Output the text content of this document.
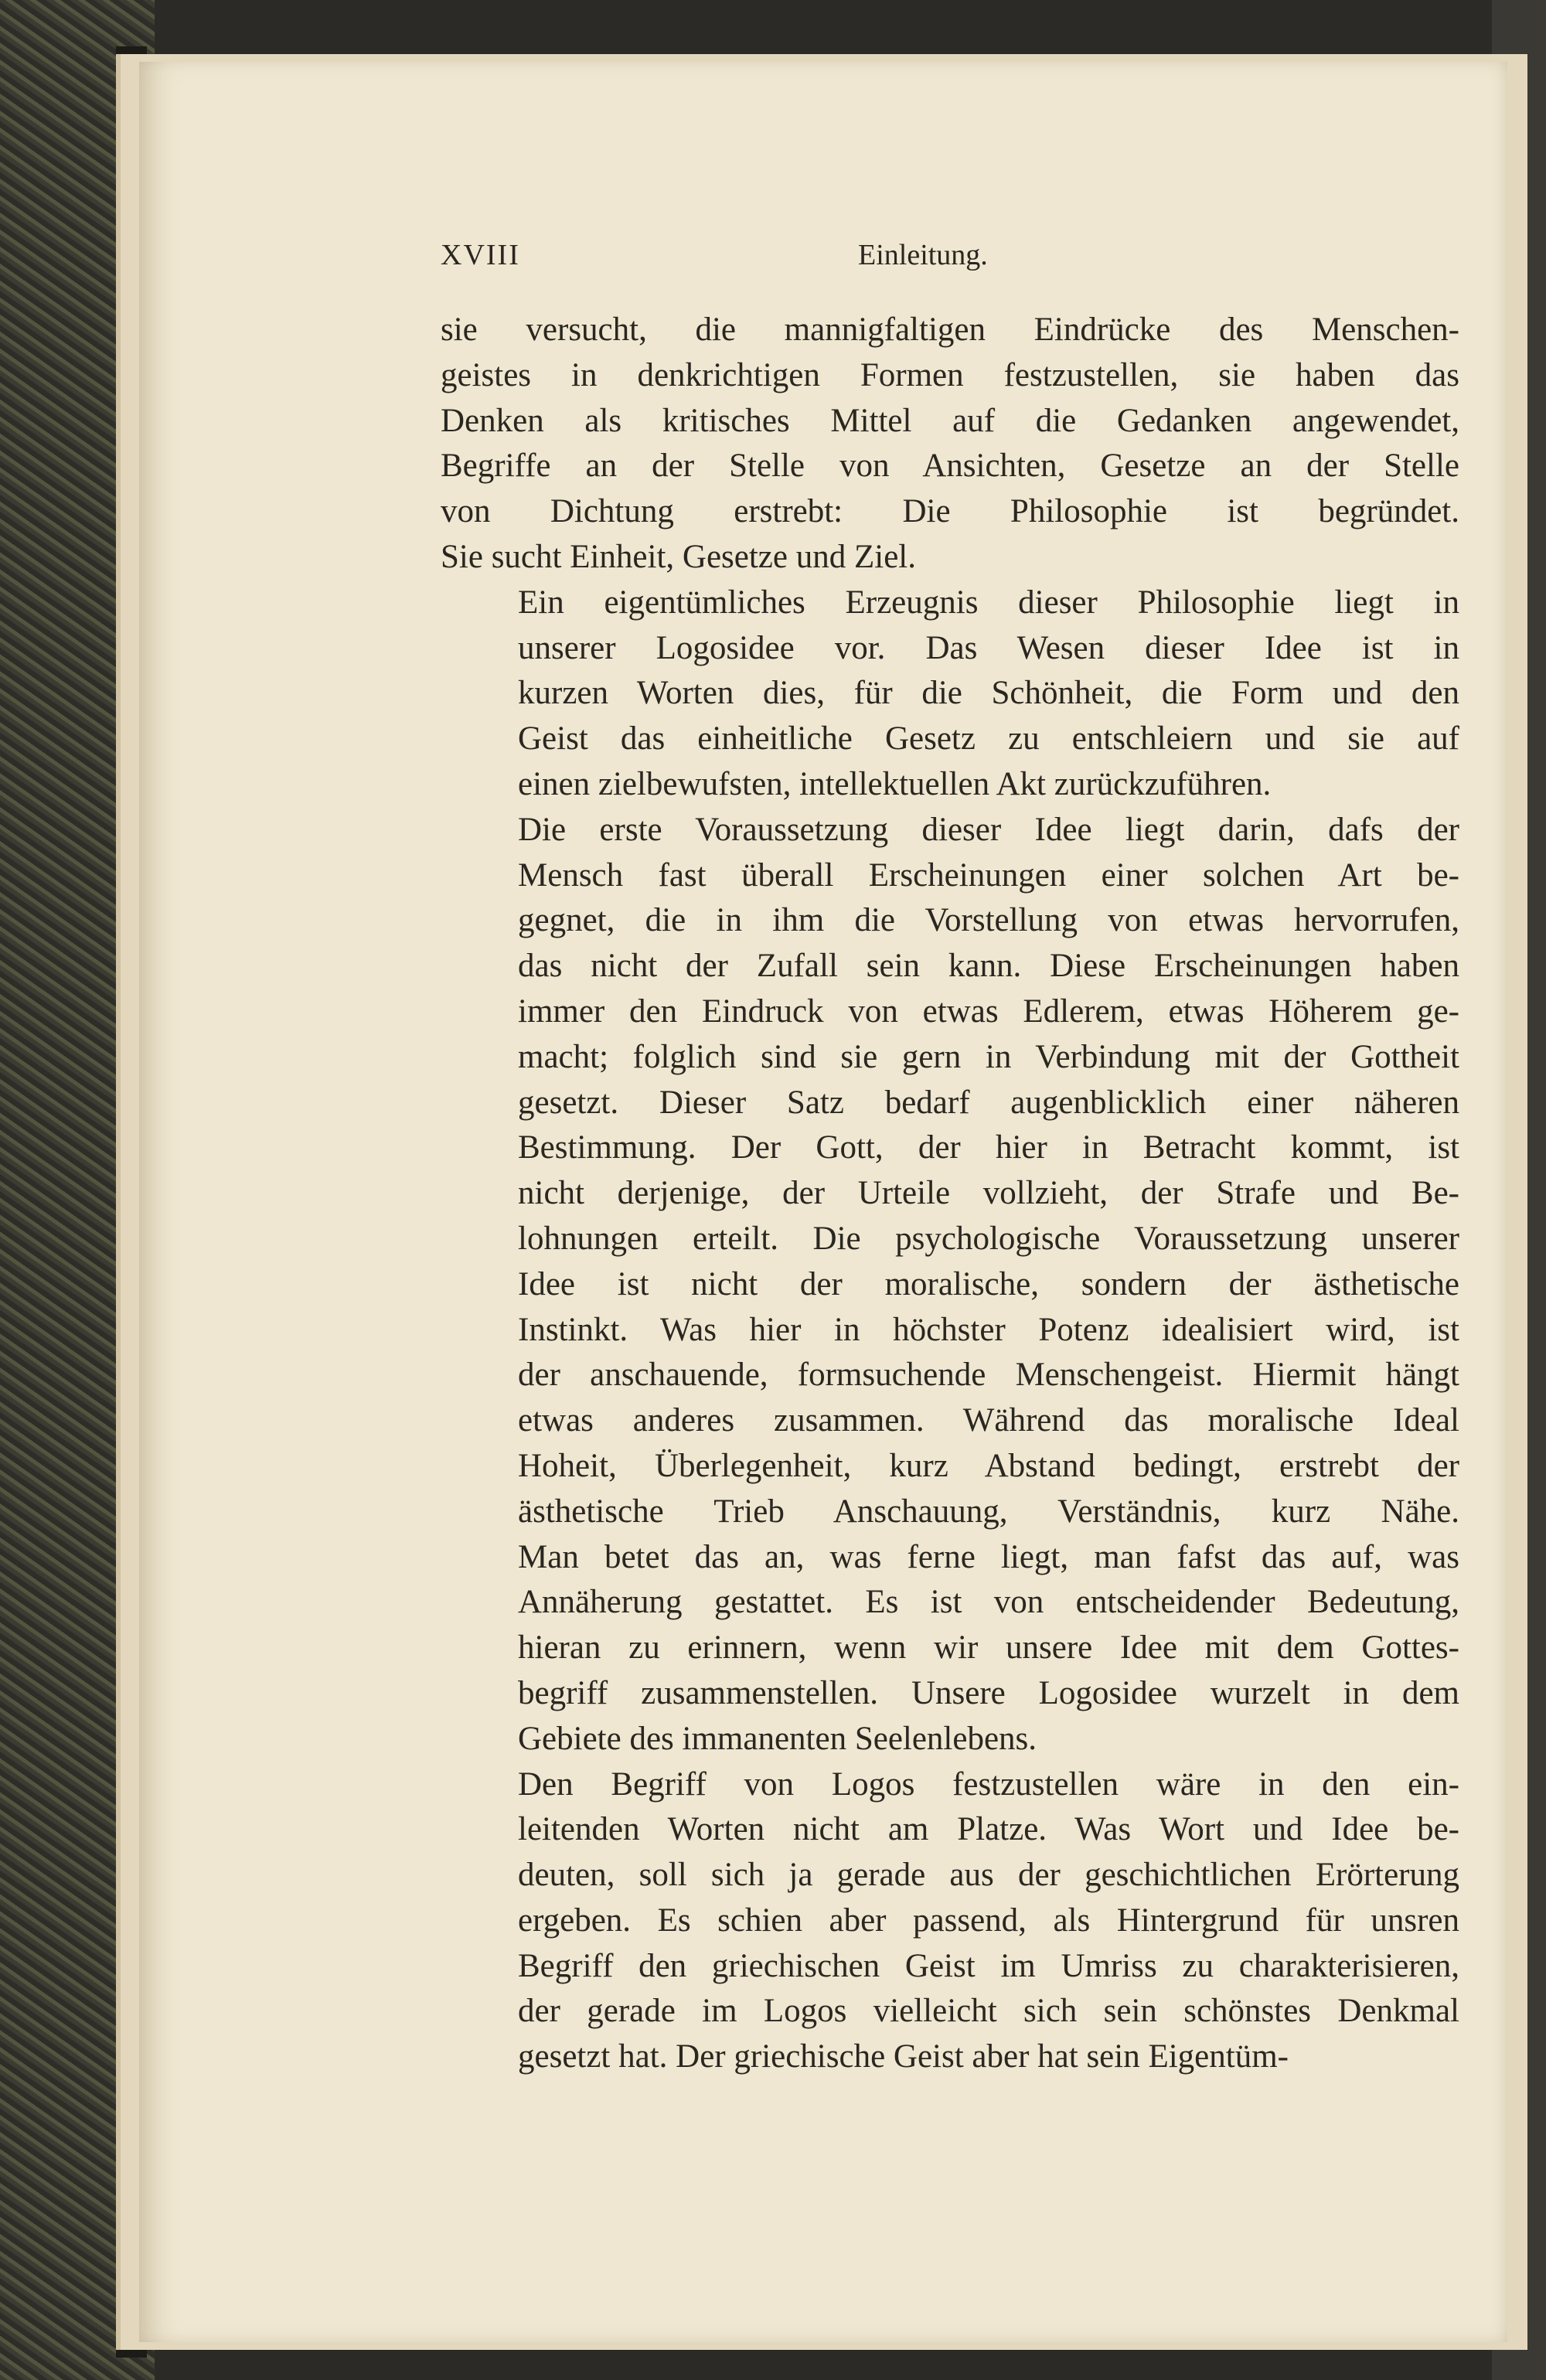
XVIII	Einleitung.

sie versucht, die mannigfaltigen Eindrücke des Menschen-
geistes in denkrichtigen Formen festzustellen, sie haben das
Denken als kritisches Mittel auf die Gedanken angewendet,
Begriffe an der Stelle von Ansichten, Gesetze an der Stelle
von Dichtung erstrebt: Die Philosophie ist begründet.
Sie sucht Einheit, Gesetze und Ziel.

Ein eigentümliches Erzeugnis dieser Philosophie liegt in
unserer Logosidee vor. Das Wesen dieser Idee ist in
kurzen Worten dies, für die Schönheit, die Form und den
Geist das einheitliche Gesetz zu entschleiern und sie auf
einen zielbewufsten, intellektuellen Akt zurückzuführen.

Die erste Voraussetzung dieser Idee liegt darin, dafs der
Mensch fast überall Erscheinungen einer solchen Art be-
gegnet, die in ihm die Vorstellung von etwas hervorrufen,
das nicht der Zufall sein kann. Diese Erscheinungen haben
immer den Eindruck von etwas Edlerem, etwas Höherem ge-
macht; folglich sind sie gern in Verbindung mit der Gottheit
gesetzt. Dieser Satz bedarf augenblicklich einer näheren
Bestimmung. Der Gott, der hier in Betracht kommt, ist
nicht derjenige, der Urteile vollzieht, der Strafe und Be-
lohnungen erteilt. Die psychologische Voraussetzung unserer
Idee ist nicht der moralische, sondern der ästhetische
Instinkt. Was hier in höchster Potenz idealisiert wird, ist
der anschauende, formsuchende Menschengeist. Hiermit hängt
etwas anderes zusammen. Während das moralische Ideal
Hoheit, Überlegenheit, kurz Abstand bedingt, erstrebt der
ästhetische Trieb Anschauung, Verständnis, kurz Nähe.
Man betet das an, was ferne liegt, man fafst das auf, was
Annäherung gestattet. Es ist von entscheidender Bedeutung,
hieran zu erinnern, wenn wir unsere Idee mit dem Gottes-
begriff zusammenstellen. Unsere Logosidee wurzelt in dem
Gebiete des immanenten Seelenlebens.

Den Begriff von Logos festzustellen wäre in den ein-
leitenden Worten nicht am Platze. Was Wort und Idee be-
deuten, soll sich ja gerade aus der geschichtlichen Erörterung
ergeben. Es schien aber passend, als Hintergrund für unsren
Begriff den griechischen Geist im Umriss zu charakterisieren,
der gerade im Logos vielleicht sich sein schönstes Denkmal
gesetzt hat. Der griechische Geist aber hat sein Eigentüm-
